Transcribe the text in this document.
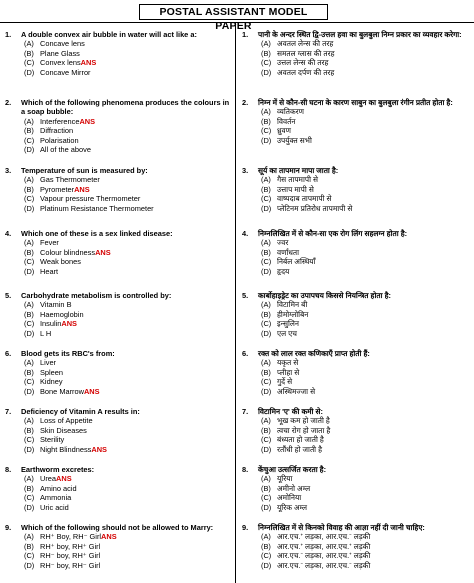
POSTAL ASSISTANT MODEL PAPER
1.	A double convex air bubble in water will act like a:
(A) Concave lens
(B) Plane Glass
(C) Convex lens ANS
(D) Concave Mirror
2.	Which of the following phenomena produces the colours in a soap bubble:
(A) Interference ANS
(B) Diffraction
(C) Polarisation
(D) All of the above
3.	Temperature of sun is measured by:
(A) Gas Thermometer
(B) Pyrometer ANS
(C) Vapour pressure Thermometer
(D) Platinum Resistance Thermometer
4.	Which one of these is a sex linked disease:
(A) Fever
(B) Colour blindness ANS
(C) Weak bones
(D) Heart
5.	Carbohydrate metabolism is controlled by:
(A) Vitamin B
(B) Haemoglobin
(C) Insulin ANS
(D) L H
6.	Blood gets its RBC's from:
(A) Liver
(B) Spleen
(C) Kidney
(D) Bone Marrow ANS
7.	Deficiency of Vitamin A results in:
(A) Loss of Appetite
(B) Skin Diseases
(C) Sterility
(D) Night Blindness ANS
8.	Earthworm excretes:
(A) Urea ANS
(B) Amino acid
(C) Ammonia
(D) Uric acid
9.	Which of the following should not be allowed to Marry:
(A) RH⁺ Boy, RH⁻ Girl ANS
(B) RH⁺ boy, RH⁺ Girl
(C) RH⁻ boy, RH⁺ Girl
(D) RH⁻ boy, RH⁻ Girl
1.	पानी के अन्दर स्थित द्वि-उत्तल हवा का बुलबुला निम्न प्रकार का व्यवहार करेगा:
(A) अवतल लेन्स की तरह
(B) समतल ग्लास की तरह
(C) उत्तल लेन्स की तरह
(D) अवतल दर्पण की तरह
2.	निम्न में से कौन-सी घटना के कारण साबुन का बुलबुला रंगीन प्रतीत होता है:
(A) व्यतिकरण
(B) विवर्तन
(C) ध्रुवण
(D) उपर्युक्त सभी
3.	सूर्य का तापमान मापा जाता है:
(A) गैस तापमापी से
(B) उत्ताप मापी से
(C) वाष्पदाब तापमापी से
(D) प्लेटिनम प्रतिरोध तापमापी से
4.	निम्नलिखित में से कौन-सा एक रोग लिंग सहलग्न होता है:
(A) ज्वर
(B) वर्णांधता
(C) निर्बल अस्थियाँ
(D) हृदय
5.	कार्बोहाइड्रेट का उपापचय किससे नियन्त्रित होता है:
(A) विटामिन बी
(B) हीमोग्लोबिन
(C) इन्सुलिन
(D) एल एच
6.	रक्त को लाल रक्त कणिकाएँ प्राप्त होती हैं:
(A) यकृत से
(B) प्लीहा से
(C) गुर्दे से
(D) अस्थिमज्जा से
7.	विटामिन 'ए' की कमी से:
(A) भूख कम हो जाती है
(B) त्वचा रोग हो जाता है
(C) बंध्यता हो जाती है
(D) रतौंधी हो जाती है
8.	केंचुआ उत्सर्जित करता है:
(A) यूरिया
(B) अमीनो अम्ल
(C) अमोनिया
(D) यूरिक अम्ल
9.	निम्नलिखित में से किनको विवाह की आज्ञा नहीं दी जानी चाहिए:
(A) आर.एच.⁺ लड़का, आर.एच.⁻ लड़की
(B) आर.एच.⁺ लड़का, आर.एच.⁺ लड़की
(C) आर.एच.⁻ लड़का, आर.एच.⁺ लड़की
(D) आर.एच.⁻ लड़का, आर.एच.⁻ लड़की
